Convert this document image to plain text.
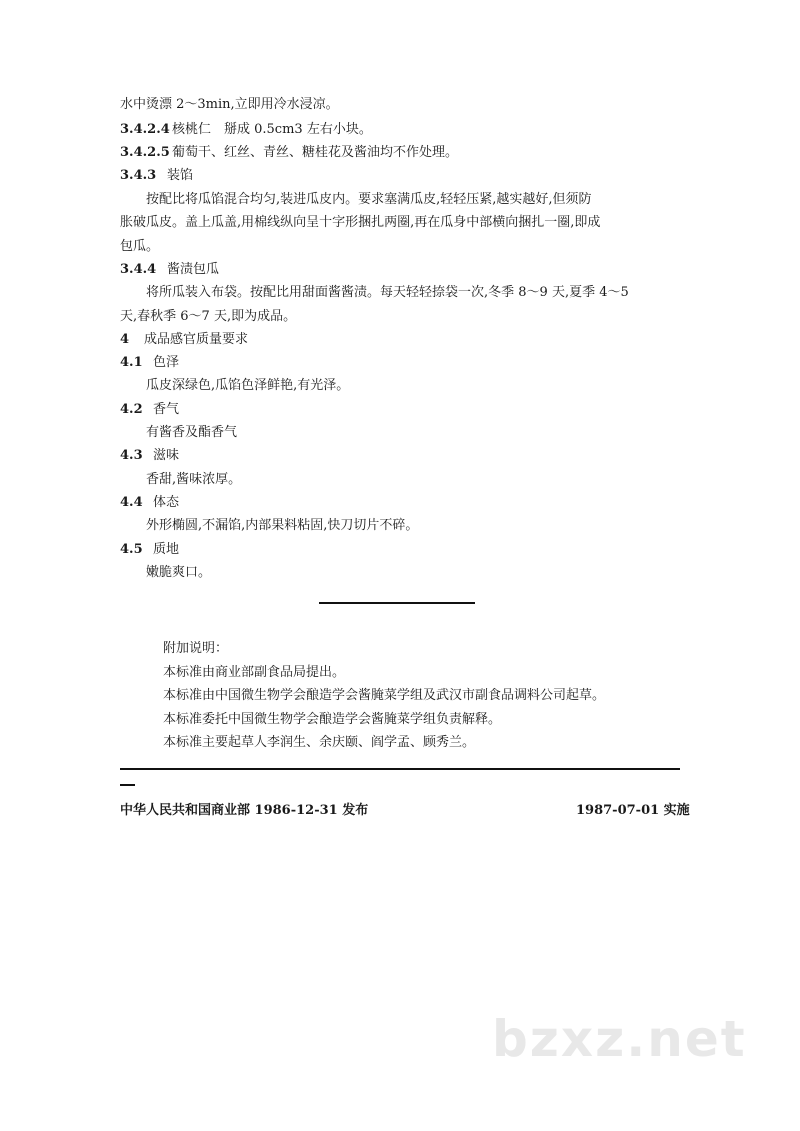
水中烫漂 2～3min,立即用冷水浸凉。
3.4.2.4 核桃仁　掰成 0.5cm3 左右小块。
3.4.2.5 葡萄干、红丝、青丝、糖桂花及酱油均不作处理。
3.4.3 装馅
按配比将瓜馅混合均匀,装进瓜皮内。要求塞满瓜皮,轻轻压紧,越实越好,但须防
胀破瓜皮。盖上瓜盖,用棉线纵向呈十字形捆扎两圈,再在瓜身中部横向捆扎一圈,即成
包瓜。
3.4.4 酱渍包瓜
将所瓜装入布袋。按配比用甜面酱酱渍。每天轻轻捺袋一次,冬季 8～9 天,夏季 4～5
天,春秋季 6～7 天,即为成品。
4 成品感官质量要求
4.1 色泽
瓜皮深绿色,瓜馅色泽鲜艳,有光泽。
4.2 香气
有酱香及酯香气
4.3 滋味
香甜,酱味浓厚。
4.4 体态
外形椭圆,不漏馅,内部果料粘固,快刀切片不碎。
4.5 质地
嫩脆爽口。
附加说明：
本标准由商业部副食品局提出。
本标准由中国微生物学会酿造学会酱腌菜学组及武汉市副食品调料公司起草。
本标准委托中国微生物学会酿造学会酱腌菜学组负责解释。
本标准主要起草人李润生、余庆颐、阎学孟、顾秀兰。
中华人民共和国商业部 1986-12-31 发布	1987-07-01 实施
bzxz.net
